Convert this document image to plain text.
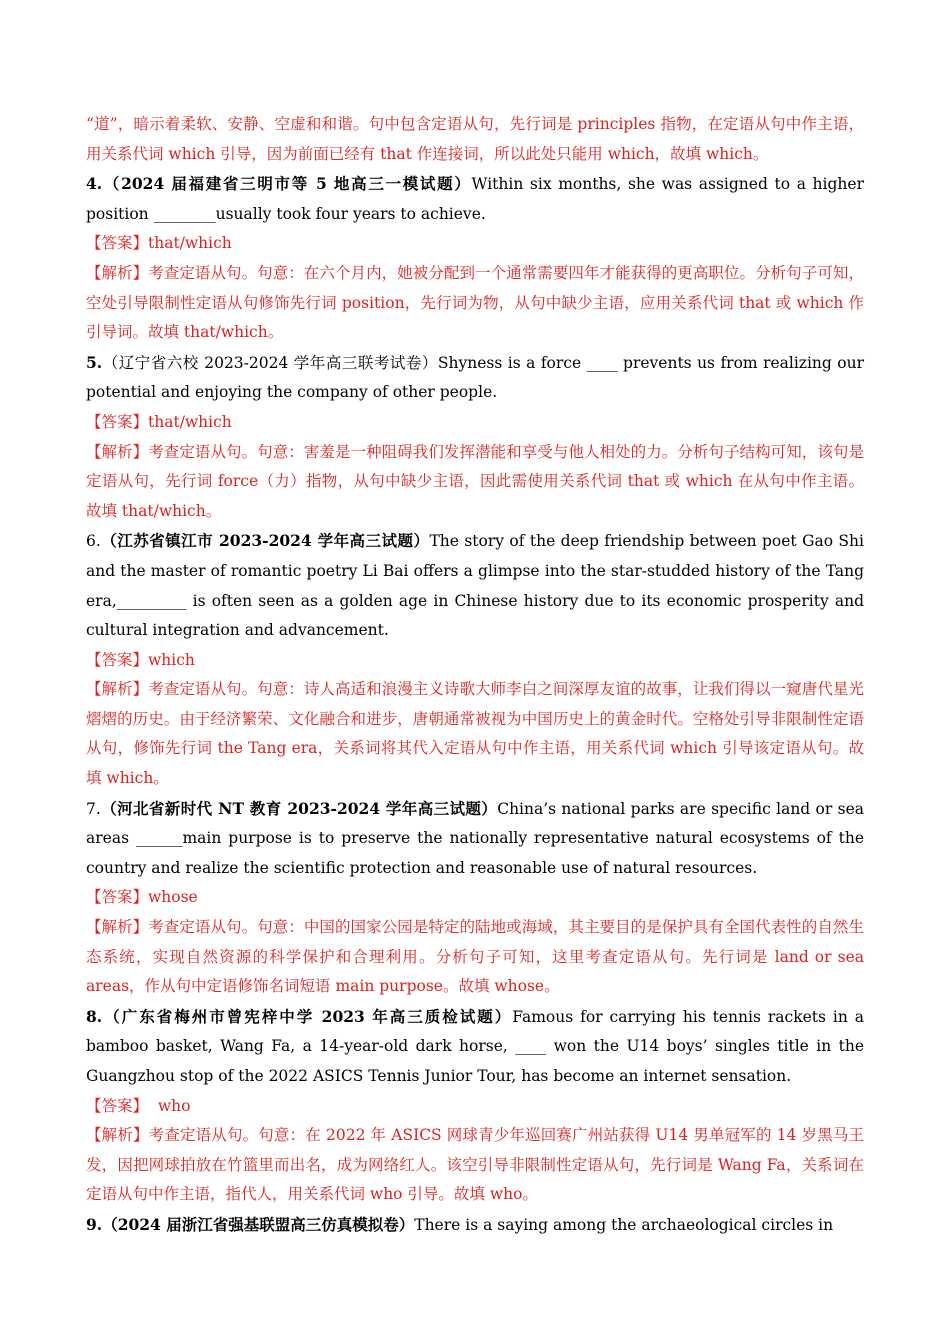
“道”，暗示着柔软、安静、空虚和和谐。句中包含定语从句，先行词是 principles 指物，在定语从句中作主语，用关系代词 which 引导，因为前面已经有 that 作连接词，所以此处只能用 which，故填 which。

4.（2024 届福建省三明市等 5 地高三一模试题）Within six months, she was assigned to a higher position ________usually took four years to achieve.

【答案】that/which

【解析】考查定语从句。句意：在六个月内，她被分配到一个通常需要四年才能获得的更高职位。分析句子可知，空处引导限制性定语从句修饰先行词 position，先行词为物，从句中缺少主语，应用关系代词 that 或 which 作引导词。故填 that/which。

5.（辽宁省六校 2023-2024 学年高三联考试卷）Shyness is a force ____ prevents us from realizing our potential and enjoying the company of other people.

【答案】that/which

【解析】考查定语从句。句意：害羞是一种阻碍我们发挥潜能和享受与他人相处的力。分析句子结构可知，该句是定语从句，先行词 force（力）指物，从句中缺少主语，因此需使用关系代词 that 或 which 在从句中作主语。故填 that/which。

6.（江苏省镇江市 2023-2024 学年高三试题）The story of the deep friendship between poet Gao Shi and the master of romantic poetry Li Bai offers a glimpse into the star-studded history of the Tang era,_________ is often seen as a golden age in Chinese history due to its economic prosperity and cultural integration and advancement.

【答案】which

【解析】考查定语从句。句意：诗人高适和浪漫主义诗歌大师李白之间深厚友谊的故事，让我们得以一窥唐代星光熠熠的历史。由于经济繁荣、文化融合和进步，唐朝通常被视为中国历史上的黄金时代。空格处引导非限制性定语从句，修饰先行词 the Tang era，关系词将其代入定语从句中作主语，用关系代词 which 引导该定语从句。故填 which。

7.（河北省新时代 NT 教育 2023-2024 学年高三试题）China’s national parks are specific land or sea areas ______main purpose is to preserve the nationally representative natural ecosystems of the country and realize the scientific protection and reasonable use of natural resources.

【答案】whose

【解析】考查定语从句。句意：中国的国家公园是特定的陆地或海域，其主要目的是保护具有全国代表性的自然生态系统，实现自然资源的科学保护和合理利用。分析句子可知，这里考查定语从句。先行词是 land or sea areas，作从句中定语修饰名词短语 main purpose。故填 whose。

8.（广东省梅州市曾宪梓中学 2023 年高三质检试题）Famous for carrying his tennis rackets in a bamboo basket, Wang Fa, a 14-year-old dark horse, ____ won the U14 boys’ singles title in the Guangzhou stop of the 2022 ASICS Tennis Junior Tour, has become an internet sensation.

【答案】  who

【解析】考查定语从句。句意：在 2022 年 ASICS 网球青少年巡回赛广州站获得 U14 男单冠军的 14 岁黑马王发，因把网球拍放在竹篮里而出名，成为网络红人。该空引导非限制性定语从句，先行词是 Wang Fa，关系词在定语从句中作主语，指代人，用关系代词 who 引导。故填 who。

9.（2024 届浙江省强基联盟高三仿真模拟卷）There is a saying among the archaeological circles in
